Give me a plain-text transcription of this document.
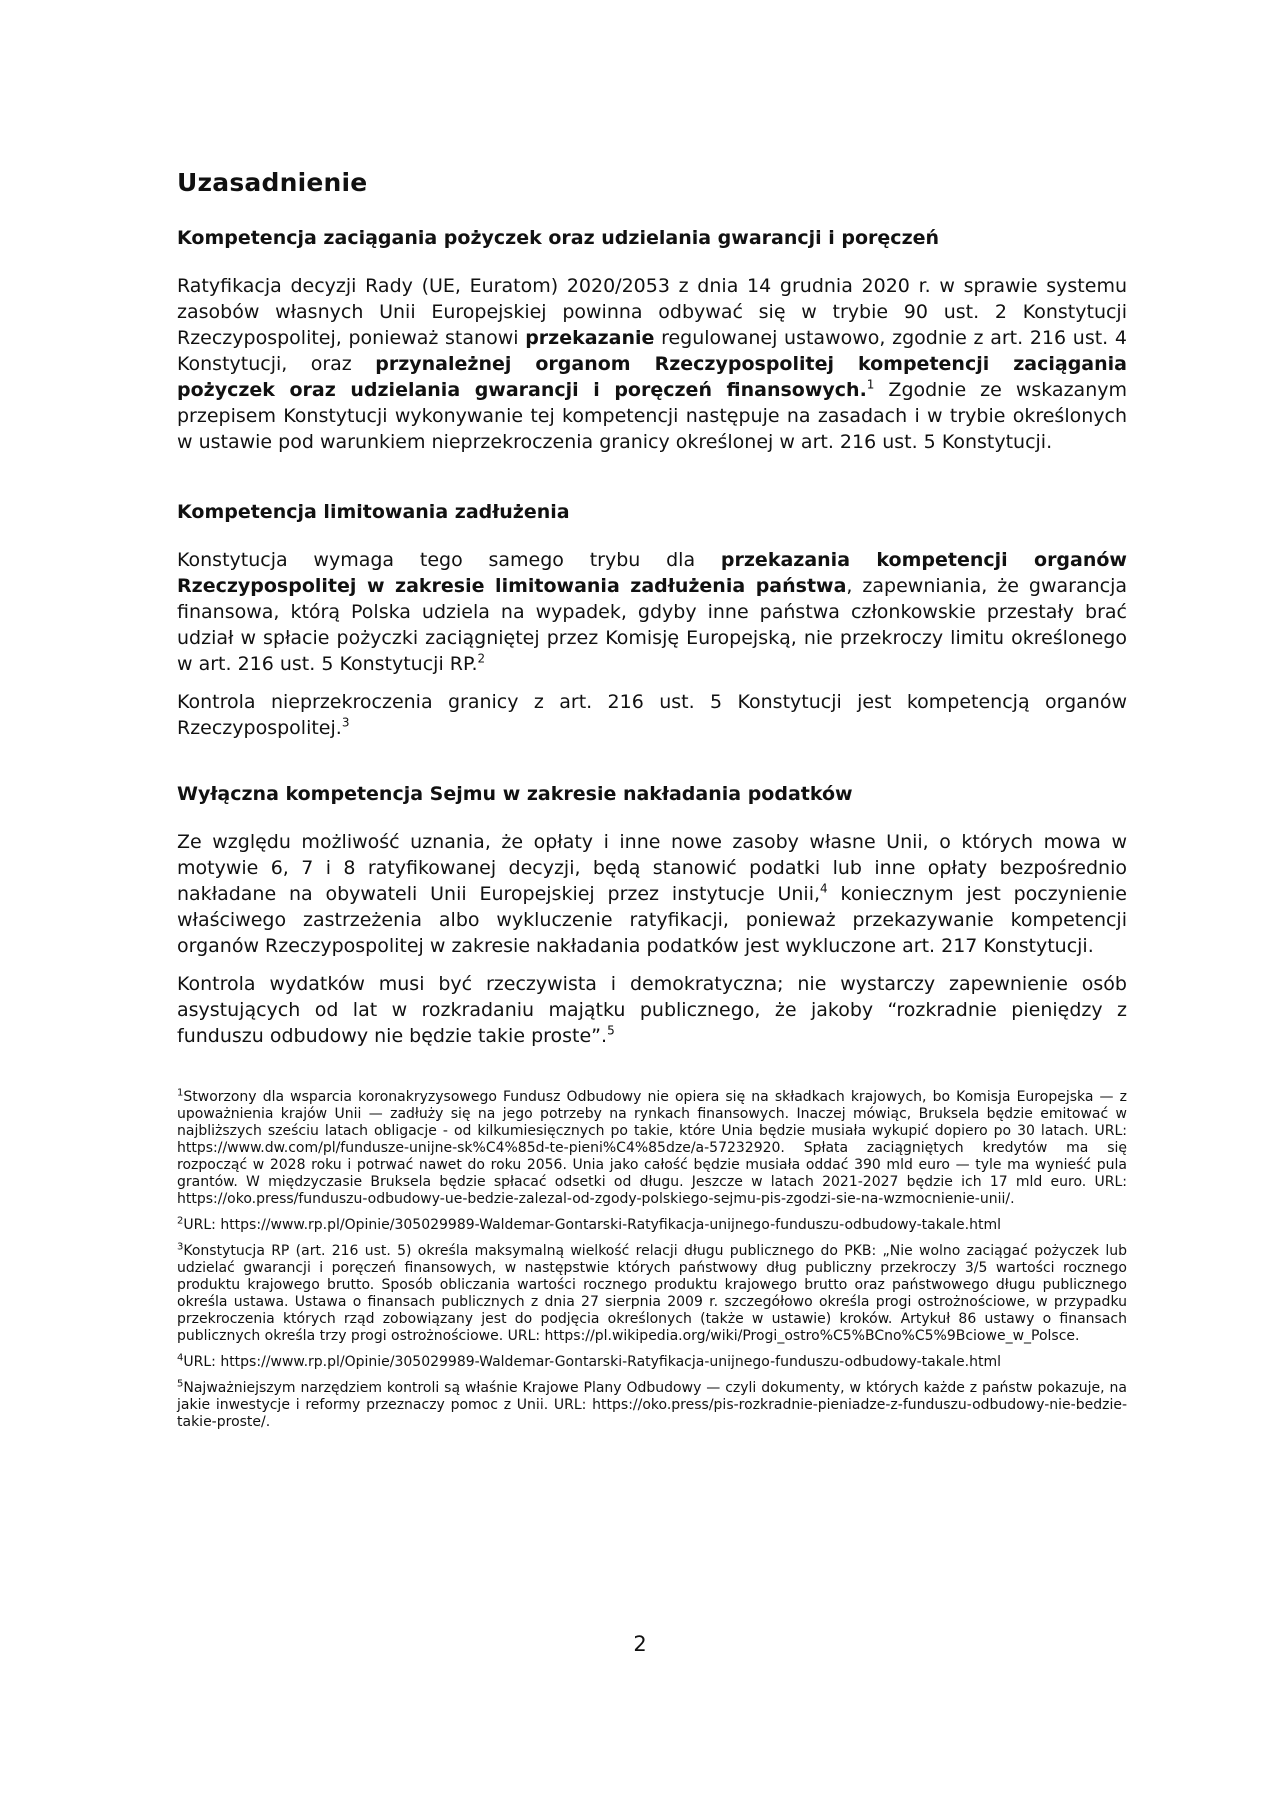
Uzasadnienie
Kompetencja zaciągania pożyczek oraz udzielania gwarancji i poręczeń

Ratyfikacja decyzji Rady (UE, Euratom) 2020/2053 z dnia 14 grudnia 2020 r. w sprawie systemu zasobów własnych Unii Europejskiej powinna odbywać się w trybie 90 ust. 2 Konstytucji Rzeczypospolitej, ponieważ stanowi przekazanie regulowanej ustawowo, zgodnie z art. 216 ust. 4 Konstytucji, oraz przynależnej organom Rzeczypospolitej kompetencji zaciągania pożyczek oraz udzielania gwarancji i poręczeń finansowych.$^1$ Zgodnie ze wskazanym przepisem Konstytucji wykonywanie tej kompetencji następuje na zasadach i w trybie określonych w ustawie pod warunkiem nieprzekroczenia granicy określonej w art. 216 ust. 5 Konstytucji.

Kompetencja limitowania zadłużenia

Konstytucja wymaga tego samego trybu dla przekazania kompetencji organów Rzeczypospolitej w zakresie limitowania zadłużenia państwa, zapewniania, że gwarancja finansowa, którą Polska udziela na wypadek, gdyby inne państwa członkowskie przestały brać udział w spłacie pożyczki zaciągniętej przez Komisję Europejską, nie przekroczy limitu określonego w art. 216 ust. 5 Konstytucji RP.$^2$

Kontrola nieprzekroczenia granicy z art. 216 ust. 5 Konstytucji jest kompetencją organów Rzeczypospolitej.$^3$

Wyłączna kompetencja Sejmu w zakresie nakładania podatków

Ze względu możliwość uznania, że opłaty i inne nowe zasoby własne Unii, o których mowa w motywie 6, 7 i 8 ratyfikowanej decyzji, będą stanowić podatki lub inne opłaty bezpośrednio nakładane na obywateli Unii Europejskiej przez instytucje Unii,$^4$ koniecznym jest poczynienie właściwego zastrzeżenia albo wykluczenie ratyfikacji, ponieważ przekazywanie kompetencji organów Rzeczypospolitej w zakresie nakładania podatków jest wykluczone art. 217 Konstytucji.

Kontrola wydatków musi być rzeczywista i demokratyczna; nie wystarczy zapewnienie osób asystujących od lat w rozkradaniu majątku publicznego, że jakoby “rozkradnie pieniędzy z funduszu odbudowy nie będzie takie proste”.$^5$

$^1$Stworzony dla wsparcia koronakryzysowego Fundusz Odbudowy nie opiera się na składkach krajowych, bo Komisja Europejska — z upoważnienia krajów Unii — zadłuży się na jego potrzeby na rynkach finansowych. Inaczej mówiąc, Bruksela będzie emitować w najbliższych sześciu latach obligacje - od kilkumiesięcznych po takie, które Unia będzie musiała wykupić dopiero po 30 latach. URL: https://www.dw.com/pl/fundusze-unijne-sk%C4%85d-te-pieni%C4%85dze/a-57232920. Spłata zaciągniętych kredytów ma się rozpocząć w 2028 roku i potrwać nawet do roku 2056. Unia jako całość będzie musiała oddać 390 mld euro — tyle ma wynieść pula grantów. W międzyczasie Bruksela będzie spłacać odsetki od długu. Jeszcze w latach 2021-2027 będzie ich 17 mld euro. URL: https://oko.press/funduszu-odbudowy-ue-bedzie-zalezal-od-zgody-polskiego-sejmu-pis-zgodzi-sie-na-wzmocnienie-unii/.

$^2$URL: https://www.rp.pl/Opinie/305029989-Waldemar-Gontarski-Ratyfikacja-unijnego-funduszu-odbudowy-takale.html

$^3$Konstytucja RP (art. 216 ust. 5) określa maksymalną wielkość relacji długu publicznego do PKB: „Nie wolno zaciągać pożyczek lub udzielać gwarancji i poręczeń finansowych, w następstwie których państwowy dług publiczny przekroczy 3/5 wartości rocznego produktu krajowego brutto. Sposób obliczania wartości rocznego produktu krajowego brutto oraz państwowego długu publicznego określa ustawa. Ustawa o finansach publicznych z dnia 27 sierpnia 2009 r. szczegółowo określa progi ostrożnościowe, w przypadku przekroczenia których rząd zobowiązany jest do podjęcia określonych (także w ustawie) kroków. Artykuł 86 ustawy o finansach publicznych określa trzy progi ostrożnościowe. URL: https://pl.wikipedia.org/wiki/Progi_ostro%C5%BCno%C5%9Bciowe_w_Polsce.

$^4$URL: https://www.rp.pl/Opinie/305029989-Waldemar-Gontarski-Ratyfikacja-unijnego-funduszu-odbudowy-takale.html

$^5$Najważniejszym narzędziem kontroli są właśnie Krajowe Plany Odbudowy — czyli dokumenty, w których każde z państw pokazuje, na jakie inwestycje i reformy przeznaczy pomoc z Unii. URL: https://oko.press/pis-rozkradnie-pieniadze-z-funduszu-odbudowy-nie-bedzie-takie-proste/.

2
